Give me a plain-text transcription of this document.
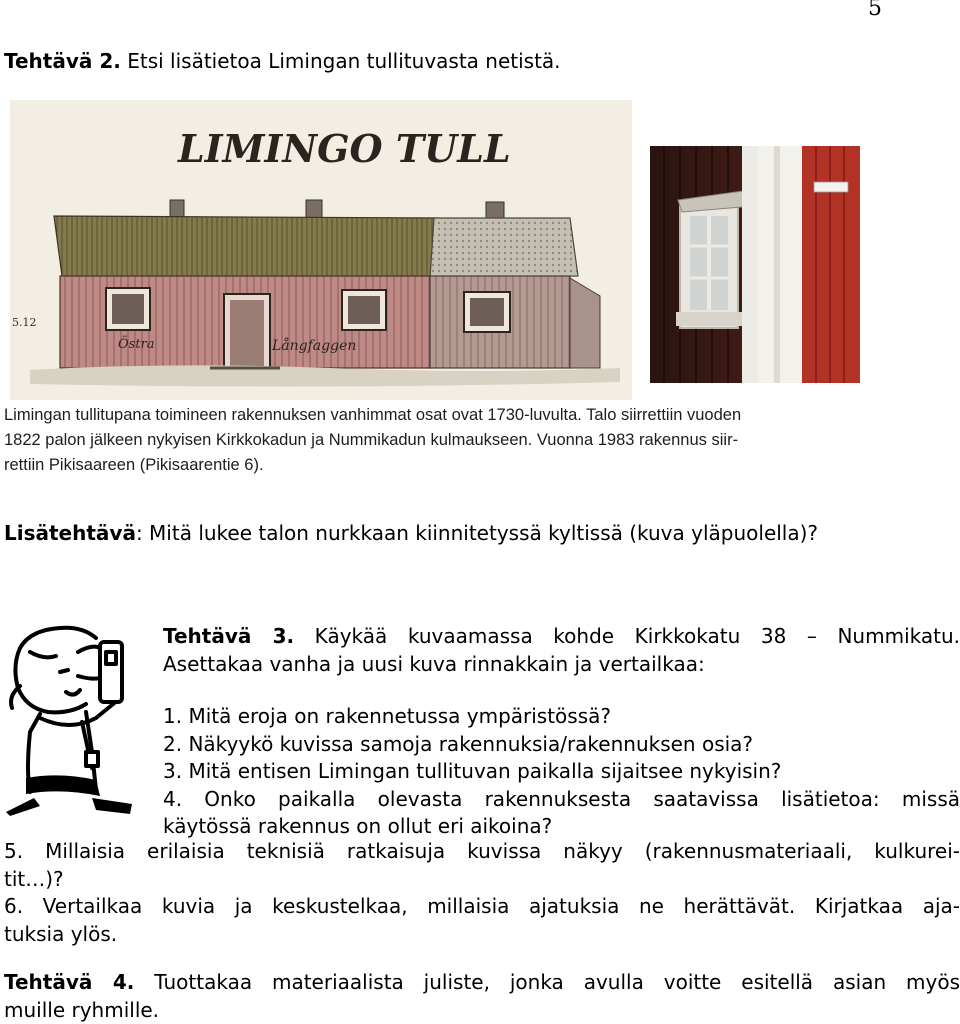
5
Tehtävä 2. Etsi lisätietoa Limingan tullituvasta netistä.
LIMINGO TULL
5.12
Östra	Långfaggen
Limingan tullitupana toimineen rakennuksen vanhimmat osat ovat 1730-luvulta. Talo siirrettiin vuoden
1822 palon jälkeen nykyisen Kirkkokadun ja Nummikadun kulmaukseen. Vuonna 1983 rakennus siir-
rettiin Pikisaareen (Pikisaarentie 6).
Lisätehtävä: Mitä lukee talon nurkkaan kiinnitetyssä kyltissä (kuva yläpuolella)?
Tehtävä 3. Käykää kuvaamassa kohde Kirkkokatu 38 – Nummikatu.
Asettakaa vanha ja uusi kuva rinnakkain ja vertailkaa:
1. Mitä eroja on rakennetussa ympäristössä?
2. Näkyykö kuvissa samoja rakennuksia/rakennuksen osia?
3. Mitä entisen Limingan tullituvan paikalla sijaitsee nykyisin?
4. Onko paikalla olevasta rakennuksesta saatavissa lisätietoa: missä
käytössä rakennus on ollut eri aikoina?
5. Millaisia erilaisia teknisiä ratkaisuja kuvissa näkyy (rakennusmateriaali, kulkurei-
tit…)?
6. Vertailkaa kuvia ja keskustelkaa, millaisia ajatuksia ne herättävät. Kirjatkaa aja-
tuksia ylös.
Tehtävä 4. Tuottakaa materiaalista juliste, jonka avulla voitte esitellä asian myös
muille ryhmille.
